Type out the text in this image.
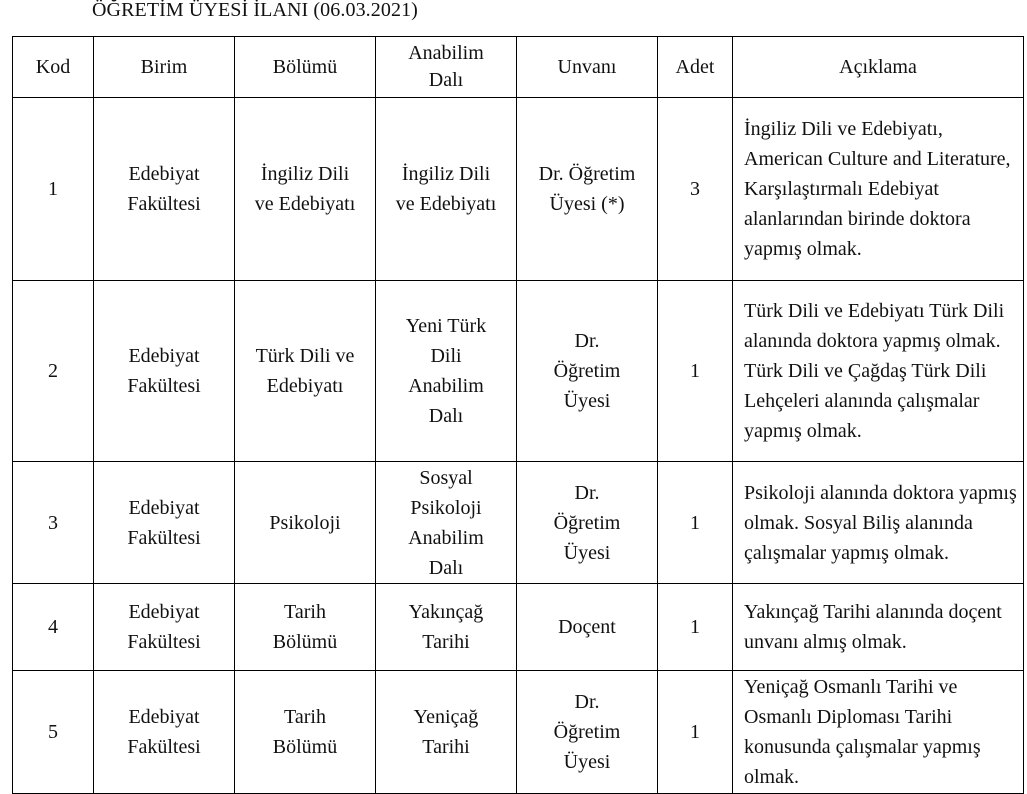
ÖĞRETİM ÜYESİ İLANI (06.03.2021)
Kod	Birim	Bölümü	Anabilim Dalı	Unvanı	Adet	Açıklama
1	Edebiyat Fakültesi	İngiliz Dili ve Edebiyatı	İngiliz Dili ve Edebiyatı	Dr. Öğretim Üyesi (*)	3	İngiliz Dili ve Edebiyatı, American Culture and Literature, Karşılaştırmalı Edebiyat alanlarından birinde doktora yapmış olmak.
2	Edebiyat Fakültesi	Türk Dili ve Edebiyatı	Yeni Türk Dili Anabilim Dalı	Dr. Öğretim Üyesi	1	Türk Dili ve Edebiyatı Türk Dili alanında doktora yapmış olmak. Türk Dili ve Çağdaş Türk Dili Lehçeleri alanında çalışmalar yapmış olmak.
3	Edebiyat Fakültesi	Psikoloji	Sosyal Psikoloji Anabilim Dalı	Dr. Öğretim Üyesi	1	Psikoloji alanında doktora yapmış olmak. Sosyal Biliş alanında çalışmalar yapmış olmak.
4	Edebiyat Fakültesi	Tarih Bölümü	Yakınçağ Tarihi	Doçent	1	Yakınçağ Tarihi alanında doçent unvanı almış olmak.
5	Edebiyat Fakültesi	Tarih Bölümü	Yeniçağ Tarihi	Dr. Öğretim Üyesi	1	Yeniçağ Osmanlı Tarihi ve Osmanlı Diploması Tarihi konusunda çalışmalar yapmış olmak.
